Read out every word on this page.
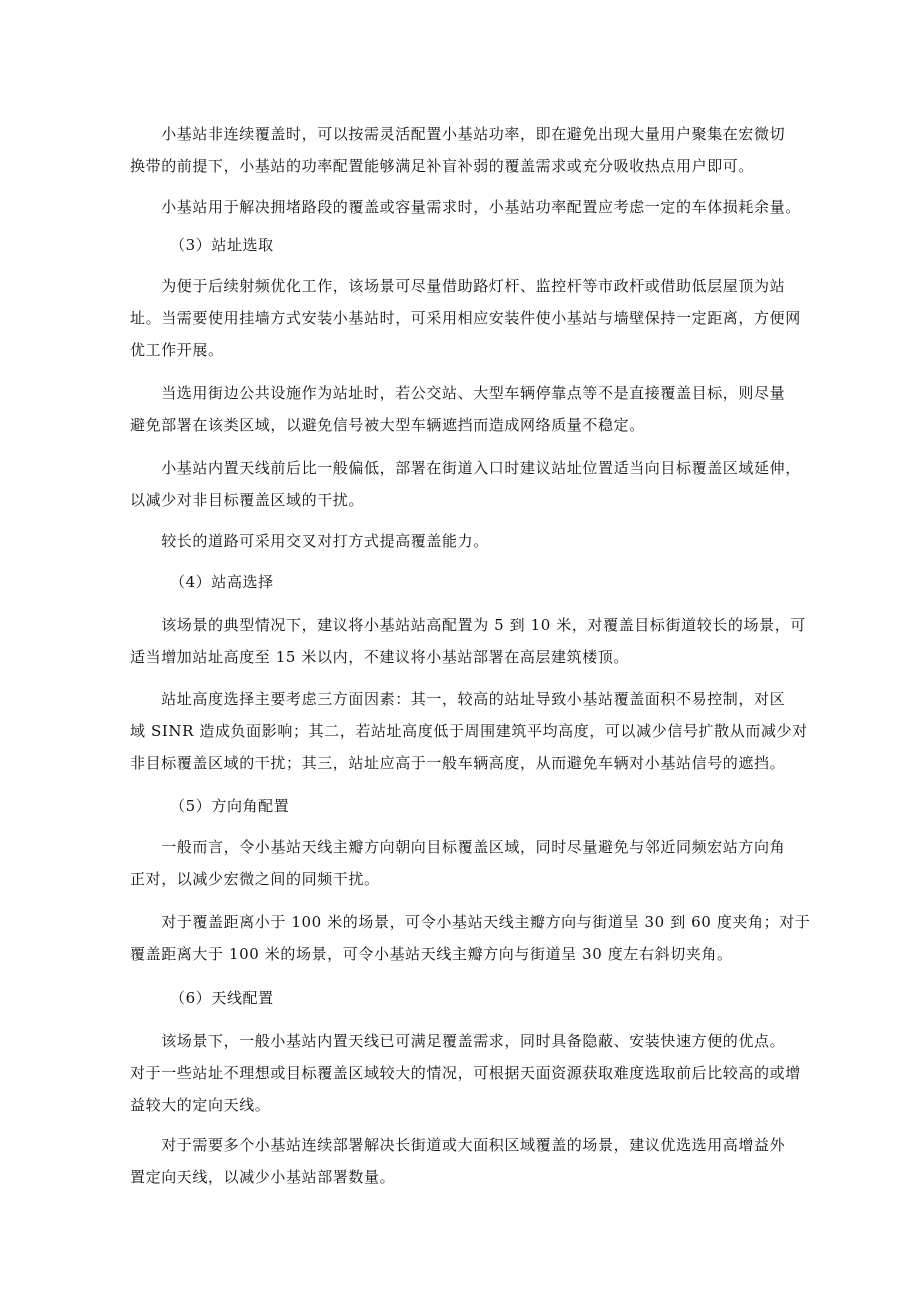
　　小基站非连续覆盖时，可以按需灵活配置小基站功率，即在避免出现大量用户聚集在宏微切
换带的前提下，小基站的功率配置能够满足补盲补弱的覆盖需求或充分吸收热点用户即可。
　　小基站用于解决拥堵路段的覆盖或容量需求时，小基站功率配置应考虑一定的车体损耗余量。
（3）站址选取
　　为便于后续射频优化工作，该场景可尽量借助路灯杆、监控杆等市政杆或借助低层屋顶为站
址。当需要使用挂墙方式安装小基站时，可采用相应安装件使小基站与墙壁保持一定距离，方便网
优工作开展。
　　当选用街边公共设施作为站址时，若公交站、大型车辆停靠点等不是直接覆盖目标，则尽量
避免部署在该类区域，以避免信号被大型车辆遮挡而造成网络质量不稳定。
　　小基站内置天线前后比一般偏低，部署在街道入口时建议站址位置适当向目标覆盖区域延伸，
以减少对非目标覆盖区域的干扰。
　　较长的道路可采用交叉对打方式提高覆盖能力。
（4）站高选择
　　该场景的典型情况下，建议将小基站站高配置为 5 到 10 米，对覆盖目标街道较长的场景，可
适当增加站址高度至 15 米以内，不建议将小基站部署在高层建筑楼顶。
　　站址高度选择主要考虑三方面因素：其一，较高的站址导致小基站覆盖面积不易控制，对区
域 SINR 造成负面影响；其二，若站址高度低于周围建筑平均高度，可以减少信号扩散从而减少对
非目标覆盖区域的干扰；其三，站址应高于一般车辆高度，从而避免车辆对小基站信号的遮挡。
（5）方向角配置
　　一般而言，令小基站天线主瓣方向朝向目标覆盖区域，同时尽量避免与邻近同频宏站方向角
正对，以减少宏微之间的同频干扰。
　　对于覆盖距离小于 100 米的场景，可令小基站天线主瓣方向与街道呈 30 到 60 度夹角；对于
覆盖距离大于 100 米的场景，可令小基站天线主瓣方向与街道呈 30 度左右斜切夹角。
（6）天线配置
　　该场景下，一般小基站内置天线已可满足覆盖需求，同时具备隐蔽、安装快速方便的优点。
对于一些站址不理想或目标覆盖区域较大的情况，可根据天面资源获取难度选取前后比较高的或增
益较大的定向天线。
　　对于需要多个小基站连续部署解决长街道或大面积区域覆盖的场景，建议优选选用高增益外
置定向天线，以减少小基站部署数量。
